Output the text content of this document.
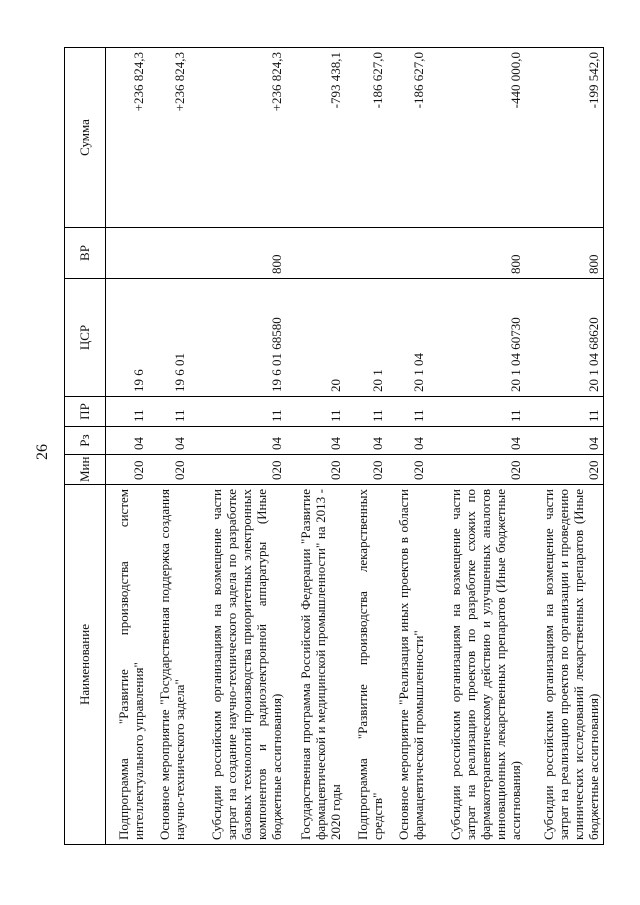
26
Наименование	Мин	Рз	ПР	ЦСР	ВР	Сумма
Подпрограмма "Развитие производства систем интеллектуального управления"	020	04	11	19 6		+236 824,3
Основное мероприятие "Государственная поддержка создания научно-технического задела"	020	04	11	19 6 01		+236 824,3
Субсидии российским организациям на возмещение части затрат на создание научно-технического задела по разработке базовых технологий производства приоритетных электронных компонентов и радиоэлектронной аппаратуры (Иные бюджетные ассигнования)	020	04	11	19 6 01 68580	800	+236 824,3
Государственная программа Российской Федерации "Развитие фармацевтической и медицинской промышленности" на 2013 - 2020 годы	020	04	11	20		-793 438,1
Подпрограмма "Развитие производства лекарственных средств"	020	04	11	20 1		-186 627,0
Основное мероприятие "Реализация иных проектов в области фармацевтической промышленности"	020	04	11	20 1 04		-186 627,0
Субсидии российским организациям на возмещение части затрат на реализацию проектов по разработке схожих по фармакотерапевтическому действию и улучшенных аналогов инновационных лекарственных препаратов (Иные бюджетные ассигнования)	020	04	11	20 1 04 60730	800	-440 000,0
Субсидии российским организациям на возмещение части затрат на реализацию проектов по организации и проведению клинических исследований лекарственных препаратов (Иные бюджетные ассигнования)	020	04	11	20 1 04 68620	800	-199 542,0
